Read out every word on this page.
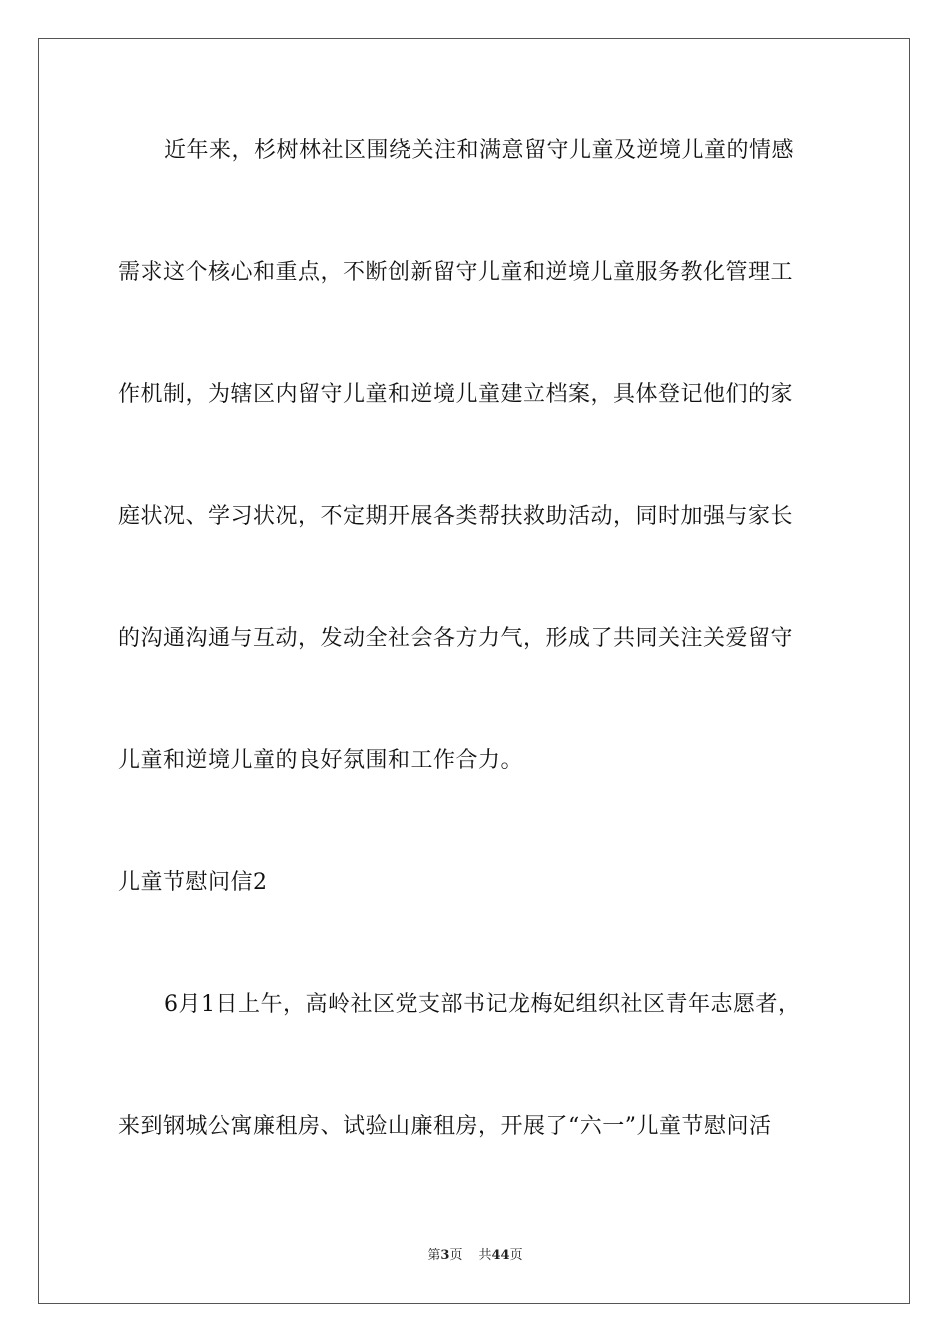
近年来，杉树林社区围绕关注和满意留守儿童及逆境儿童的情感
需求这个核心和重点，不断创新留守儿童和逆境儿童服务教化管理工
作机制，为辖区内留守儿童和逆境儿童建立档案，具体登记他们的家
庭状况、学习状况，不定期开展各类帮扶救助活动，同时加强与家长
的沟通沟通与互动，发动全社会各方力气，形成了共同关注关爱留守
儿童和逆境儿童的良好氛围和工作合力。
儿童节慰问信2
6月1日上午，高岭社区党支部书记龙梅妃组织社区青年志愿者，
来到钢城公寓廉租房、试验山廉租房，开展了“六一”儿童节慰问活
第3页 共44页
